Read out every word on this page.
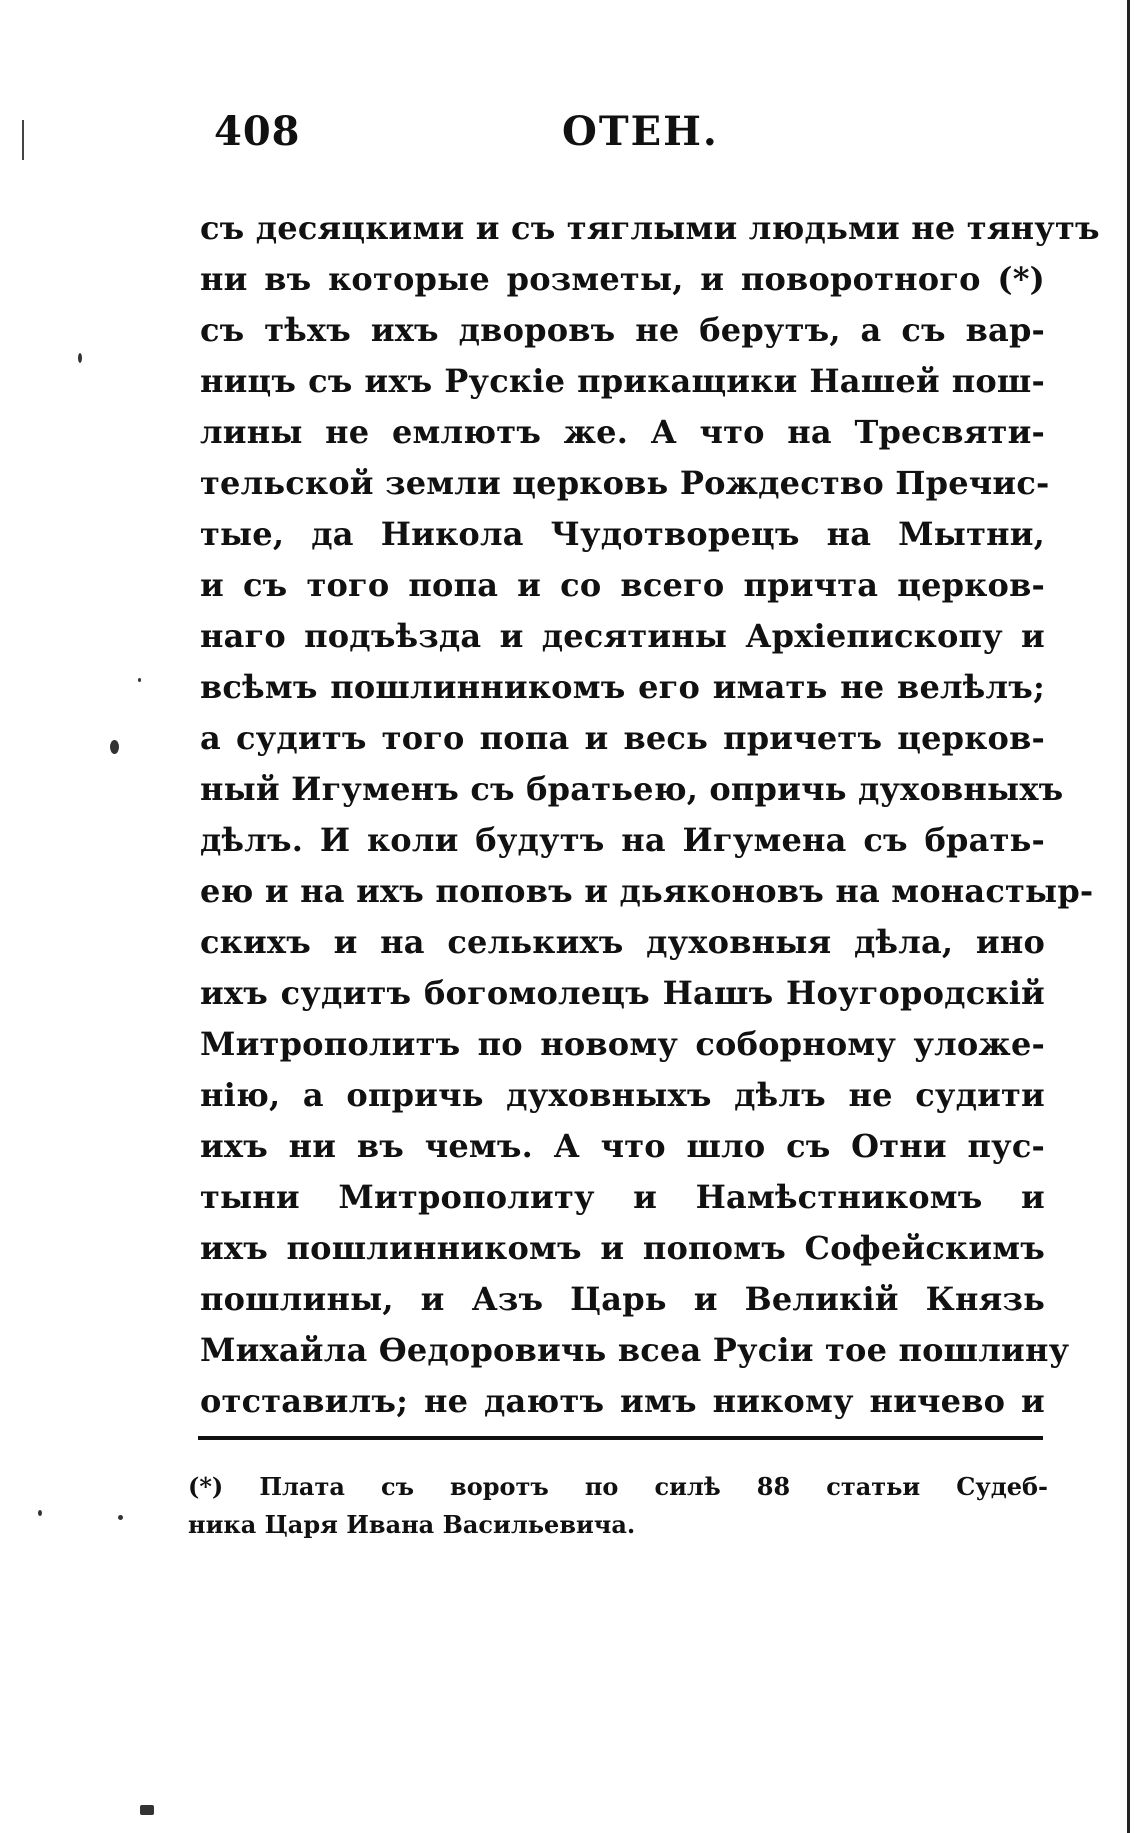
408	ОТЕН.
съ десяцкими и съ тяглыми людьми не тянутъ
ни въ которые розметы, и поворотного (*)
съ тѣхъ ихъ дворовъ не берутъ, а съ вар-
ницъ съ ихъ Рускіе прикащики Нашей пош-
лины не емлютъ же. А что на Тресвяти-
тельской земли церковь Рождество Пречис-
тые, да Никола Чудотворецъ на Мытни,
и съ того попа и со всего причта церков-
наго подъѣзда и десятины Архіепископу и
всѣмъ пошлинникомъ его имать не велѣлъ;
а судитъ того попа и весь причетъ церков-
ный Игуменъ съ братьею, опричь духовныхъ
дѣлъ. И коли будутъ на Игумена съ брать-
ею и на ихъ поповъ и дьяконовъ на монастыр-
скихъ и на селькихъ духовныя дѣла, ино
ихъ судитъ богомолецъ Нашъ Ноугородскій
Митрополитъ по новому соборному уложе-
нію, а опричь духовныхъ дѣлъ не судити
ихъ ни въ чемъ. А что шло съ Отни пус-
тыни Митрополиту и Намѣстникомъ и
ихъ пошлинникомъ и попомъ Софейскимъ
пошлины, и Азъ Царь и Великій Князь
Михайла Ѳедоровичь всеа Русіи тое пошлину
отставилъ; не даютъ имъ никому ничево и
(*) Плата съ воротъ по силѣ 88 статьи Судеб-
ника Царя Ивана Васильевича.
